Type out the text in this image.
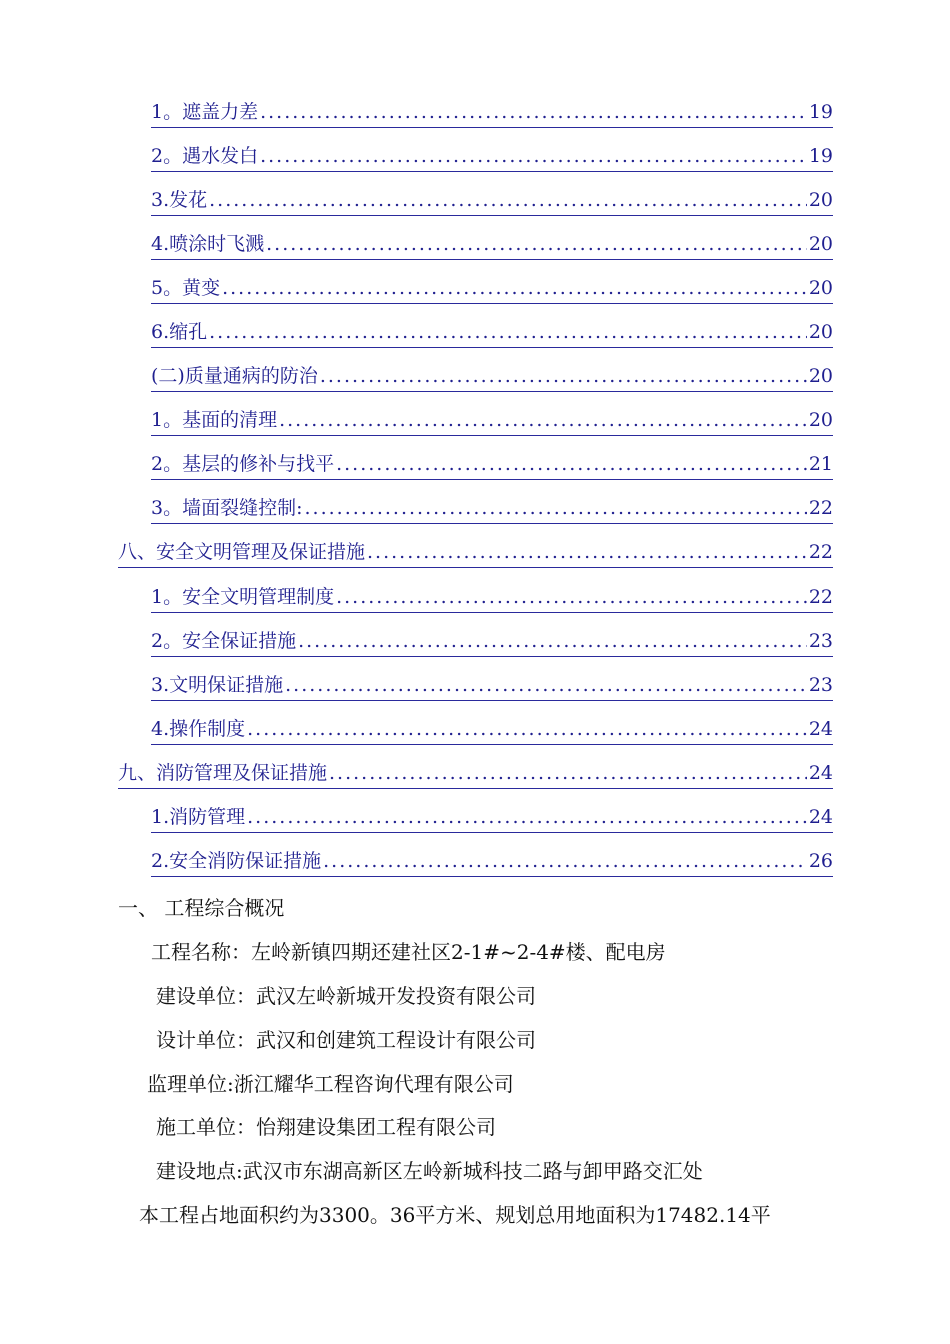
1。遮盖力差 .....	19
2。遇水发白 .....	19
3.发花 .....	20
4.喷涂时飞溅 .....	20
5。黄变 .....	20
6.缩孔 .....	20
(二)质量通病的防治 .....	20
1。基面的清理 .....	20
2。基层的修补与找平 .....	21
3。墙面裂缝控制: .....	22
八、安全文明管理及保证措施 .....	22
1。安全文明管理制度 .....	22
2。安全保证措施 .....	23
3.文明保证措施 .....	23
4.操作制度 .....	24
九、消防管理及保证措施 .....	24
1.消防管理 .....	24
2.安全消防保证措施 .....	26
一、 工程综合概况
工程名称：左岭新镇四期还建社区2-1#~2-4#楼、配电房
建设单位：武汉左岭新城开发投资有限公司
设计单位：武汉和创建筑工程设计有限公司
监理单位:浙江耀华工程咨询代理有限公司
施工单位：怡翔建设集团工程有限公司
建设地点:武汉市东湖高新区左岭新城科技二路与卸甲路交汇处
本工程占地面积约为3300。36平方米、规划总用地面积为17482.14平
